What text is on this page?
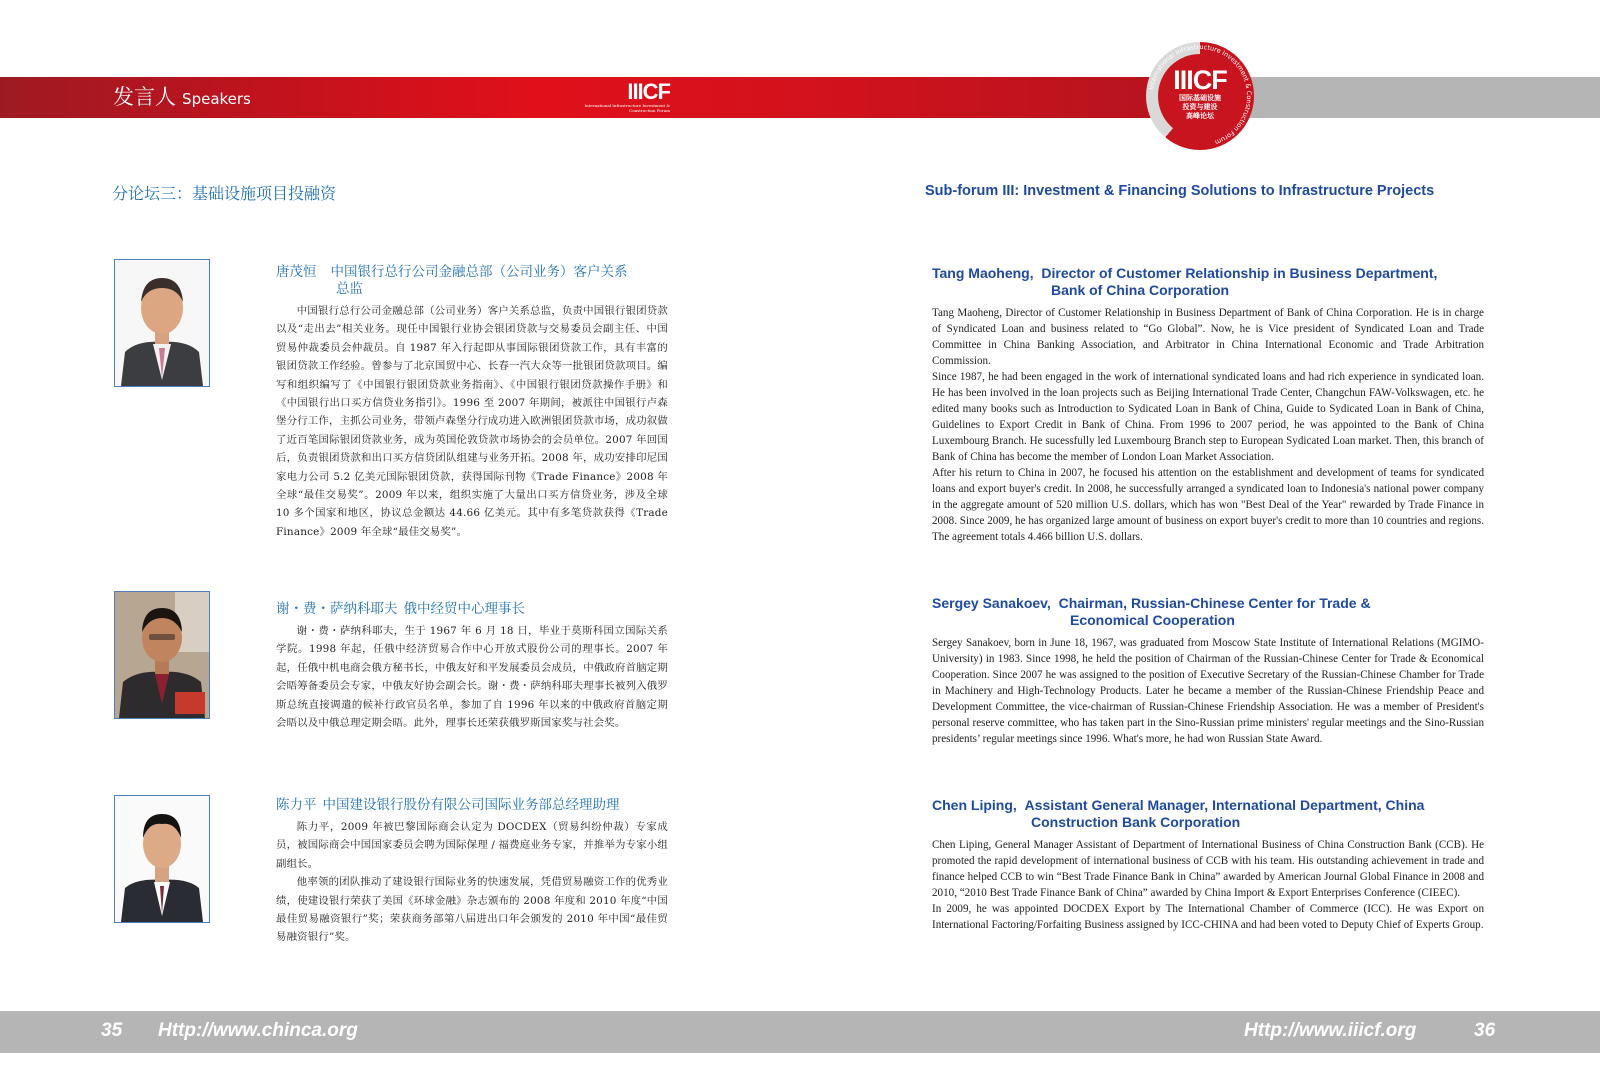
发言人 Speakers	IIICF
International Infrastructure Investment & Construction Forum
International Infrastructure Investment & Construction Forum
IIICF
国际基础设施
投资与建设
高峰论坛
分论坛三：基础设施项目投融资	Sub-forum III: Investment & Financing Solutions to Infrastructure Projects
唐茂恒 中国银行总行公司金融总部（公司业务）客户关系
总监

中国银行总行公司金融总部（公司业务）客户关系总监，负责中国银行银团贷款以及“走出去”相关业务。现任中国银行业协会银团贷款与交易委员会副主任、中国贸易仲裁委员会仲裁员。自 1987 年入行起即从事国际银团贷款工作，具有丰富的银团贷款工作经验。曾参与了北京国贸中心、长春一汽大众等一批银团贷款项目。编写和组织编写了《中国银行银团贷款业务指南》、《中国银行银团贷款操作手册》和《中国银行出口买方信贷业务指引》。1996 至 2007 年期间，被派往中国银行卢森堡分行工作，主抓公司业务，带领卢森堡分行成功进入欧洲银团贷款市场，成功叙做了近百笔国际银团贷款业务，成为英国伦敦贷款市场协会的会员单位。2007 年回国后，负责银团贷款和出口买方信贷团队组建与业务开拓。2008 年，成功安排印尼国家电力公司 5.2 亿美元国际银团贷款，获得国际刊物《Trade Finance》2008 年全球“最佳交易奖”。2009 年以来，组织实施了大量出口买方信贷业务，涉及全球 10 多个国家和地区，协议总金额达 44.66 亿美元。其中有多笔贷款获得《Trade Finance》2009 年全球“最佳交易奖”。

谢・费・萨纳科耶夫 俄中经贸中心理事长

谢・费・萨纳科耶夫，生于 1967 年 6 月 18 日，毕业于莫斯科国立国际关系学院。1998 年起，任俄中经济贸易合作中心开放式股份公司的理事长。2007 年起，任俄中机电商会俄方秘书长，中俄友好和平发展委员会成员，中俄政府首脑定期会晤筹备委员会专家，中俄友好协会副会长。谢・费・萨纳科耶夫理事长被列入俄罗斯总统直接调遣的候补行政官员名单，参加了自 1996 年以来的中俄政府首脑定期会晤以及中俄总理定期会晤。此外，理事长还荣获俄罗斯国家奖与社会奖。

陈力平 中国建设银行股份有限公司国际业务部总经理助理

陈力平，2009 年被巴黎国际商会认定为 DOCDEX（贸易纠纷仲裁）专家成员，被国际商会中国国家委员会聘为国际保理 / 福费庭业务专家，并推举为专家小组副组长。

他率领的团队推动了建设银行国际业务的快速发展，凭借贸易融资工作的优秀业绩，使建设银行荣获了美国《环球金融》杂志颁布的 2008 年度和 2010 年度“中国最佳贸易融资银行”奖；荣获商务部第八届进出口年会颁发的 2010 年中国“最佳贸易融资银行”奖。

Tang Maoheng, Director of Customer Relationship in Business Department,
Bank of China Corporation

Tang Maoheng, Director of Customer Relationship in Business Department of Bank of China Corporation. He is in charge of Syndicated Loan and business related to “Go Global”. Now, he is Vice president of Syndicated Loan and Trade Committee in China Banking Association, and Arbitrator in China International Economic and Trade Arbitration Commission.

Since 1987, he had been engaged in the work of international syndicated loans and had rich experience in syndicated loan. He has been involved in the loan projects such as Beijing International Trade Center, Changchun FAW-Volkswagen, etc. he edited many books such as Introduction to Sydicated Loan in Bank of China, Guide to Sydicated Loan in Bank of China, Guidelines to Export Credit in Bank of China. From 1996 to 2007 period, he was appointed to the Bank of China Luxembourg Branch. He sucessfully led Luxembourg Branch step to European Sydicated Loan market. Then, this branch of Bank of China has become the member of London Loan Market Association.

After his return to China in 2007, he focused his attention on the establishment and development of teams for syndicated loans and export buyer's credit. In 2008, he successfully arranged a syndicated loan to Indonesia's national power company in the aggregate amount of 520 million U.S. dollars, which has won "Best Deal of the Year" rewarded by Trade Finance in 2008. Since 2009, he has organized large amount of business on export buyer's credit to more than 10 countries and regions. The agreement totals 4.466 billion U.S. dollars.

Sergey Sanakoev, Chairman, Russian-Chinese Center for Trade &
Economical Cooperation

Sergey Sanakoev, born in June 18, 1967, was graduated from Moscow State Institute of International Relations (MGIMO-University) in 1983. Since 1998, he held the position of Chairman of the Russian-Chinese Center for Trade & Economical Cooperation. Since 2007 he was assigned to the position of Executive Secretary of the Russian-Chinese Chamber for Trade in Machinery and High-Technology Products. Later he became a member of the Russian-Chinese Friendship Peace and Development Committee, the vice-chairman of Russian-Chinese Friendship Association. He was a member of President's personal reserve committee, who has taken part in the Sino-Russian prime ministers' regular meetings and the Sino-Russian presidents’ regular meetings since 1996. What's more, he had won Russian State Award.

Chen Liping, Assistant General Manager, International Department, China
Construction Bank Corporation

Chen Liping, General Manager Assistant of Department of International Business of China Construction Bank (CCB). He promoted the rapid development of international business of CCB with his team. His outstanding achievement in trade and finance helped CCB to win “Best Trade Finance Bank in China” awarded by American Journal Global Finance in 2008 and 2010, “2010 Best Trade Finance Bank of China” awarded by China Import & Export Enterprises Conference (CIEEC).

In 2009, he was appointed DOCDEX Export by The International Chamber of Commerce (ICC). He was Export on International Factoring/Forfaiting Business assigned by ICC-CHINA and had been voted to Deputy Chief of Experts Group.

35 Http://www.chinca.org	Http://www.iiicf.org	36
